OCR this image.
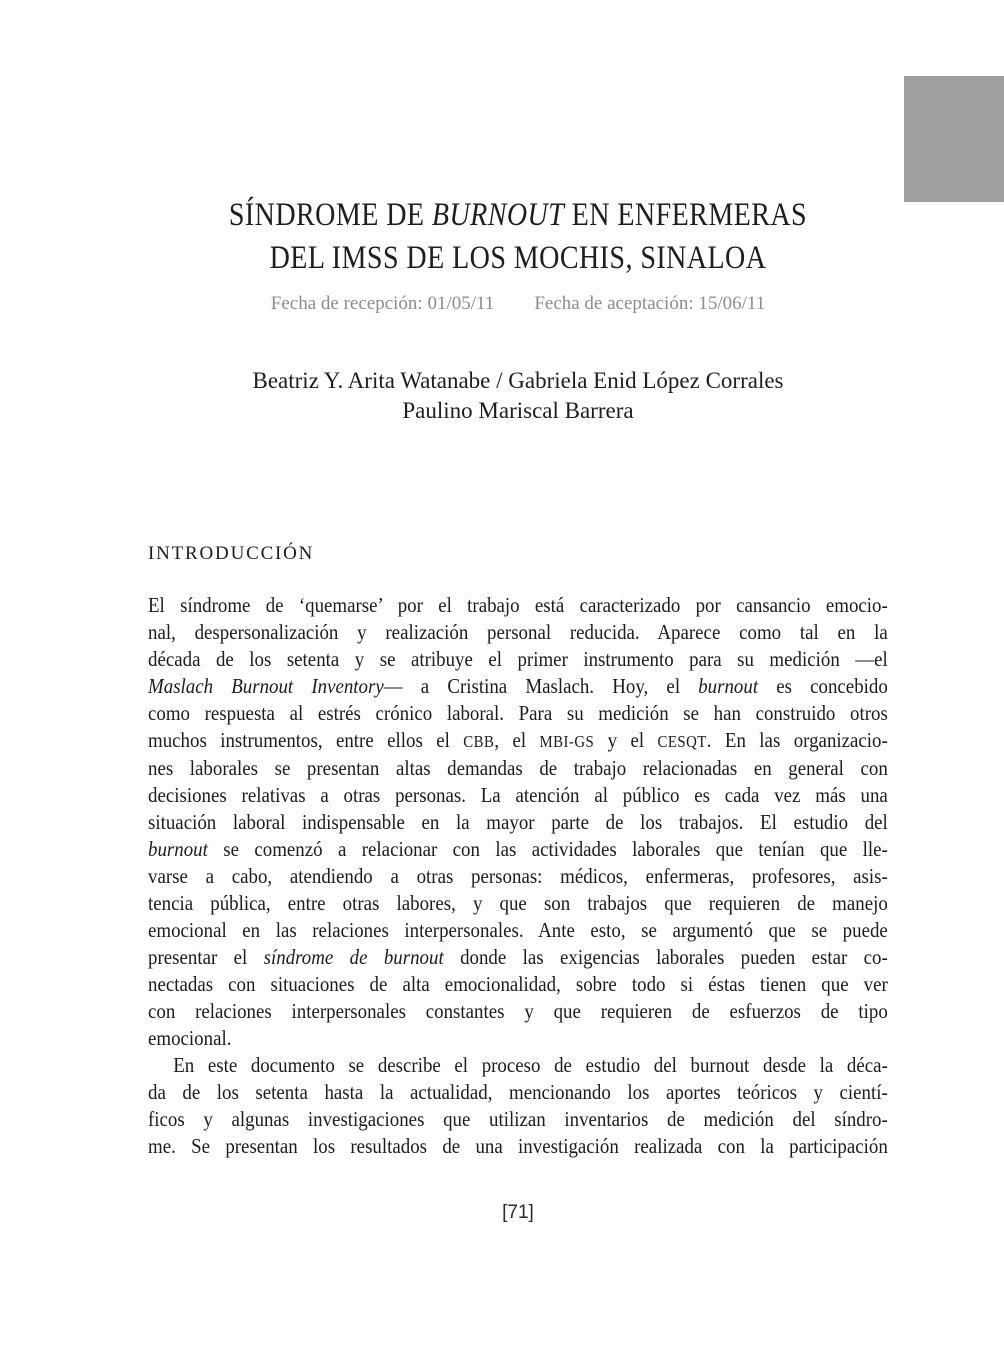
SÍNDROME DE BURNOUT EN ENFERMERAS
DEL IMSS DE LOS MOCHIS, SINALOA
Fecha de recepción: 01/05/11 Fecha de aceptación: 15/06/11
Beatriz Y. Arita Watanabe / Gabriela Enid López Corrales
Paulino Mariscal Barrera
INTRODUCCIÓN
El síndrome de ‘quemarse’ por el trabajo está caracterizado por cansancio emocio-
nal, despersonalización y realización personal reducida. Aparece como tal en la
década de los setenta y se atribuye el primer instrumento para su medición —el
Maslach Burnout Inventory— a Cristina Maslach. Hoy, el burnout es concebido
como respuesta al estrés crónico laboral. Para su medición se han construido otros
muchos instrumentos, entre ellos el CBB, el MBI-GS y el CESQT. En las organizacio-
nes laborales se presentan altas demandas de trabajo relacionadas en general con
decisiones relativas a otras personas. La atención al público es cada vez más una
situación laboral indispensable en la mayor parte de los trabajos. El estudio del
burnout se comenzó a relacionar con las actividades laborales que tenían que lle-
varse a cabo, atendiendo a otras personas: médicos, enfermeras, profesores, asis-
tencia pública, entre otras labores, y que son trabajos que requieren de manejo
emocional en las relaciones interpersonales. Ante esto, se argumentó que se puede
presentar el síndrome de burnout donde las exigencias laborales pueden estar co-
nectadas con situaciones de alta emocionalidad, sobre todo si éstas tienen que ver
con relaciones interpersonales constantes y que requieren de esfuerzos de tipo
emocional.
En este documento se describe el proceso de estudio del burnout desde la déca-
da de los setenta hasta la actualidad, mencionando los aportes teóricos y cientí-
ficos y algunas investigaciones que utilizan inventarios de medición del síndro-
me. Se presentan los resultados de una investigación realizada con la participación
[71]
